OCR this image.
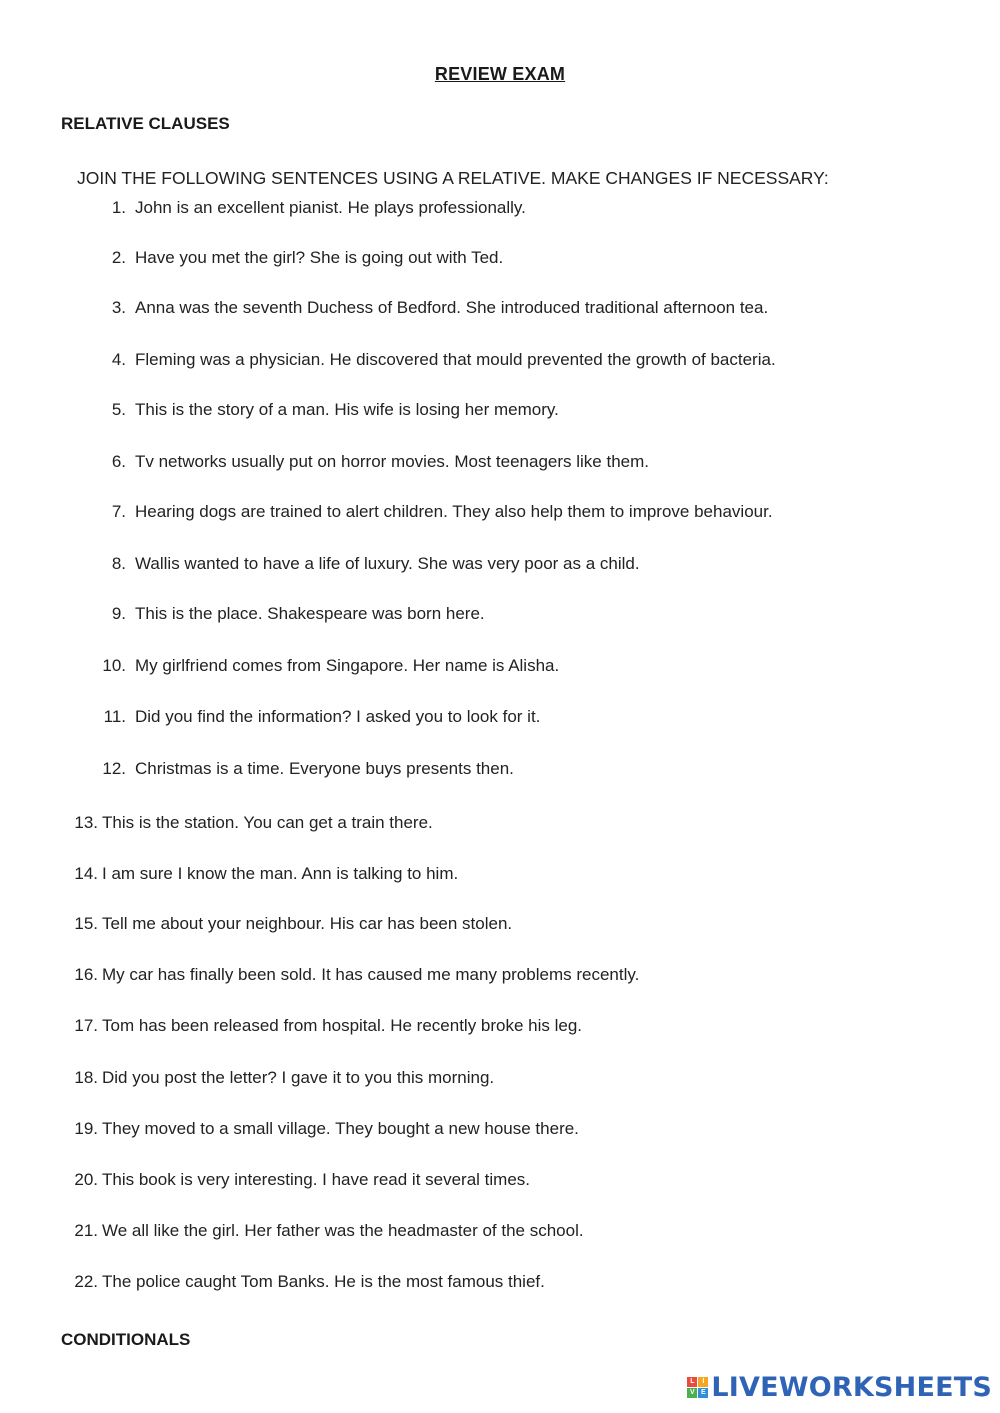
REVIEW EXAM
RELATIVE CLAUSES
JOIN THE FOLLOWING SENTENCES USING A RELATIVE. MAKE CHANGES IF NECESSARY:
1. John is an excellent pianist. He plays professionally.
2. Have you met the girl? She is going out with Ted.
3. Anna was the seventh Duchess of Bedford. She introduced traditional afternoon tea.
4. Fleming was a physician. He discovered that mould prevented the growth of bacteria.
5. This is the story of a man. His wife is losing her memory.
6. Tv networks usually put on horror movies. Most teenagers like them.
7. Hearing dogs are trained to alert children. They also help them to improve behaviour.
8. Wallis wanted to have a life of luxury. She was very poor as a child.
9. This is the place. Shakespeare was born here.
10. My girlfriend comes from Singapore. Her name is Alisha.
11. Did you find the information? I asked you to look for it.
12. Christmas is a time. Everyone buys presents then.
13. This is the station. You can get a train there.
14. I am sure I know the man. Ann is talking to him.
15. Tell me about your neighbour. His car has been stolen.
16. My car has finally been sold. It has caused me many problems recently.
17. Tom has been released from hospital. He recently broke his leg.
18. Did you post the letter? I gave it to you this morning.
19. They moved to a small village. They bought a new house there.
20. This book is very interesting. I have read it several times.
21. We all like the girl. Her father was the headmaster of the school.
22. The police caught Tom Banks. He is the most famous thief.
CONDITIONALS
L	I
V E LIVEWORKSHEETS
